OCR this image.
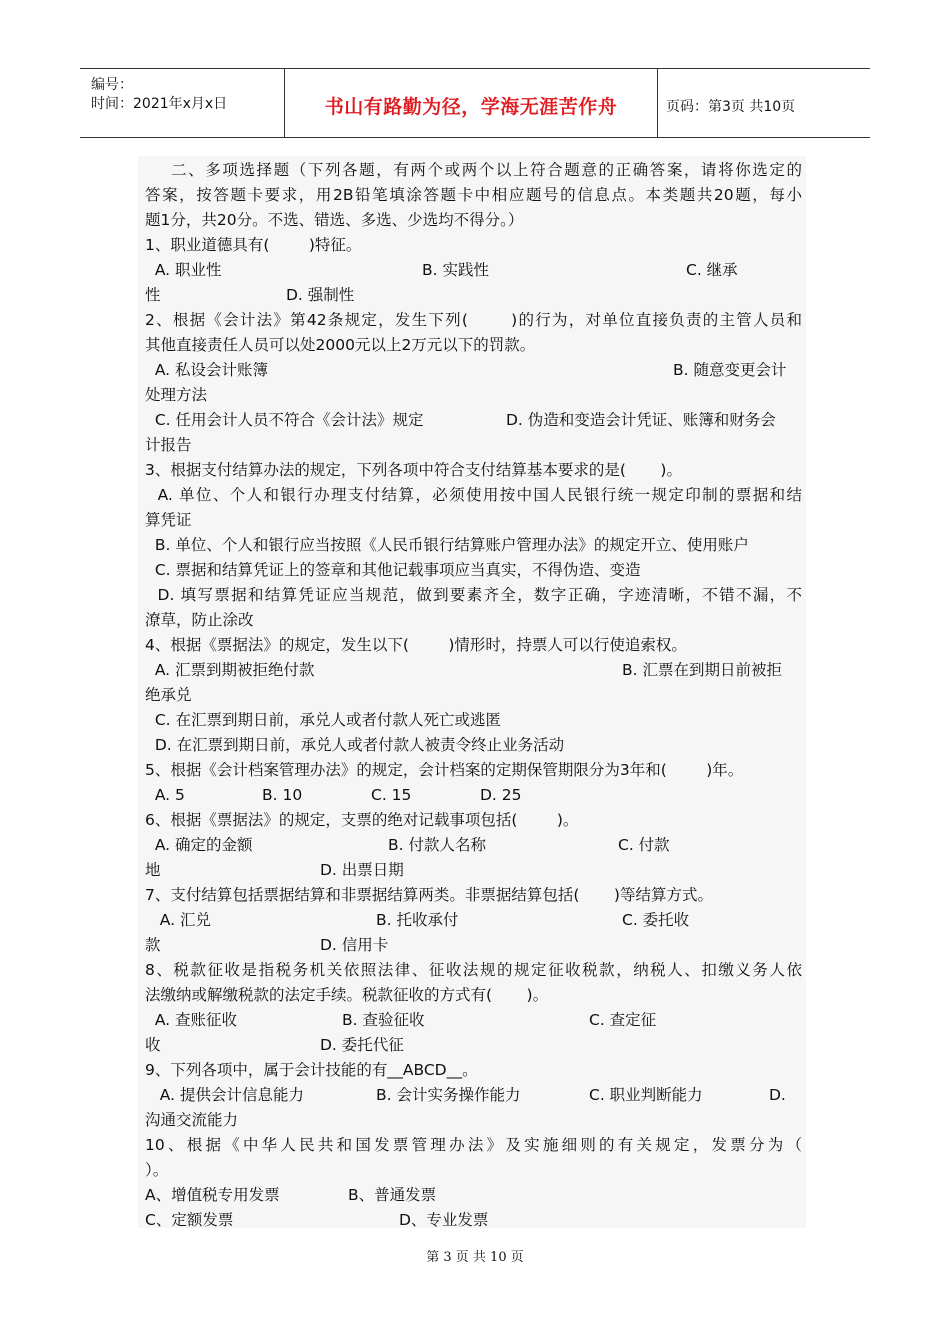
编号：
时间：2021年x月x日	书山有路勤为径，学海无涯苦作舟	页码：第3页 共10页
二、多项选择题（下列各题，有两个或两个以上符合题意的正确答案，请将你选定的
答案，按答题卡要求，用2B铅笔填涂答题卡中相应题号的信息点。本类题共20题，每小
题1分，共20分。不选、错选、多选、少选均不得分。）
1、职业道德具有(        )特征。

A. 职业性

	B. 实践性

	C. 继承

性

	D. 强制性

2、根据《会计法》第42条规定，发生下列(       )的行为，对单位直接负责的主管人员和
其他直接责任人员可以处2000元以上2万元以下的罚款。

A. 私设会计账簿

	B. 随意变更会计

处理方法

C. 任用会计人员不符合《会计法》规定

	D. 伪造和变造会计凭证、账簿和财务会

计报告
3、根据支付结算办法的规定，下列各项中符合支付结算基本要求的是(       )。
A. 单位、个人和银行办理支付结算，必须使用按中国人民银行统一规定印制的票据和结
算凭证
B. 单位、个人和银行应当按照《人民币银行结算账户管理办法》的规定开立、使用账户
C. 票据和结算凭证上的签章和其他记载事项应当真实，不得伪造、变造
D. 填写票据和结算凭证应当规范，做到要素齐全，数字正确，字迹清晰，不错不漏，不
潦草，防止涂改
4、根据《票据法》的规定，发生以下(        )情形时，持票人可以行使追索权。

A. 汇票到期被拒绝付款

	B. 汇票在到期日前被拒

绝承兑
C. 在汇票到期日前，承兑人或者付款人死亡或逃匿
D. 在汇票到期日前，承兑人或者付款人被责令终止业务活动
5、根据《会计档案管理办法》的规定，会计档案的定期保管期限分为3年和(        )年。

A. 5

	B. 10

	C. 15

	D. 25

6、根据《票据法》的规定，支票的绝对记载事项包括(        )。

A. 确定的金额

	B. 付款人名称

	C. 付款

地

	D. 出票日期

7、支付结算包括票据结算和非票据结算两类。非票据结算包括(       )等结算方式。

A. 汇兑

	B. 托收承付

	C. 委托收

款

	D. 信用卡

8、税款征收是指税务机关依照法律、征收法规的规定征收税款，纳税人、扣缴义务人依
法缴纳或解缴税款的法定手续。税款征收的方式有(       )。

A. 查账征收

	B. 查验征收

	C. 查定征

收

	D. 委托代征

9、下列各项中，属于会计技能的有__ABCD__。

A. 提供会计信息能力

	B. 会计实务操作能力

	C. 职业判断能力

	D.

沟通交流能力
10、根据《中华人民共和国发票管理办法》及实施细则的有关规定，发票分为（
）。

A、增值税专用发票

	B、普通发票

C、定额发票

	D、专业发票

第 3 页 共 10 页
